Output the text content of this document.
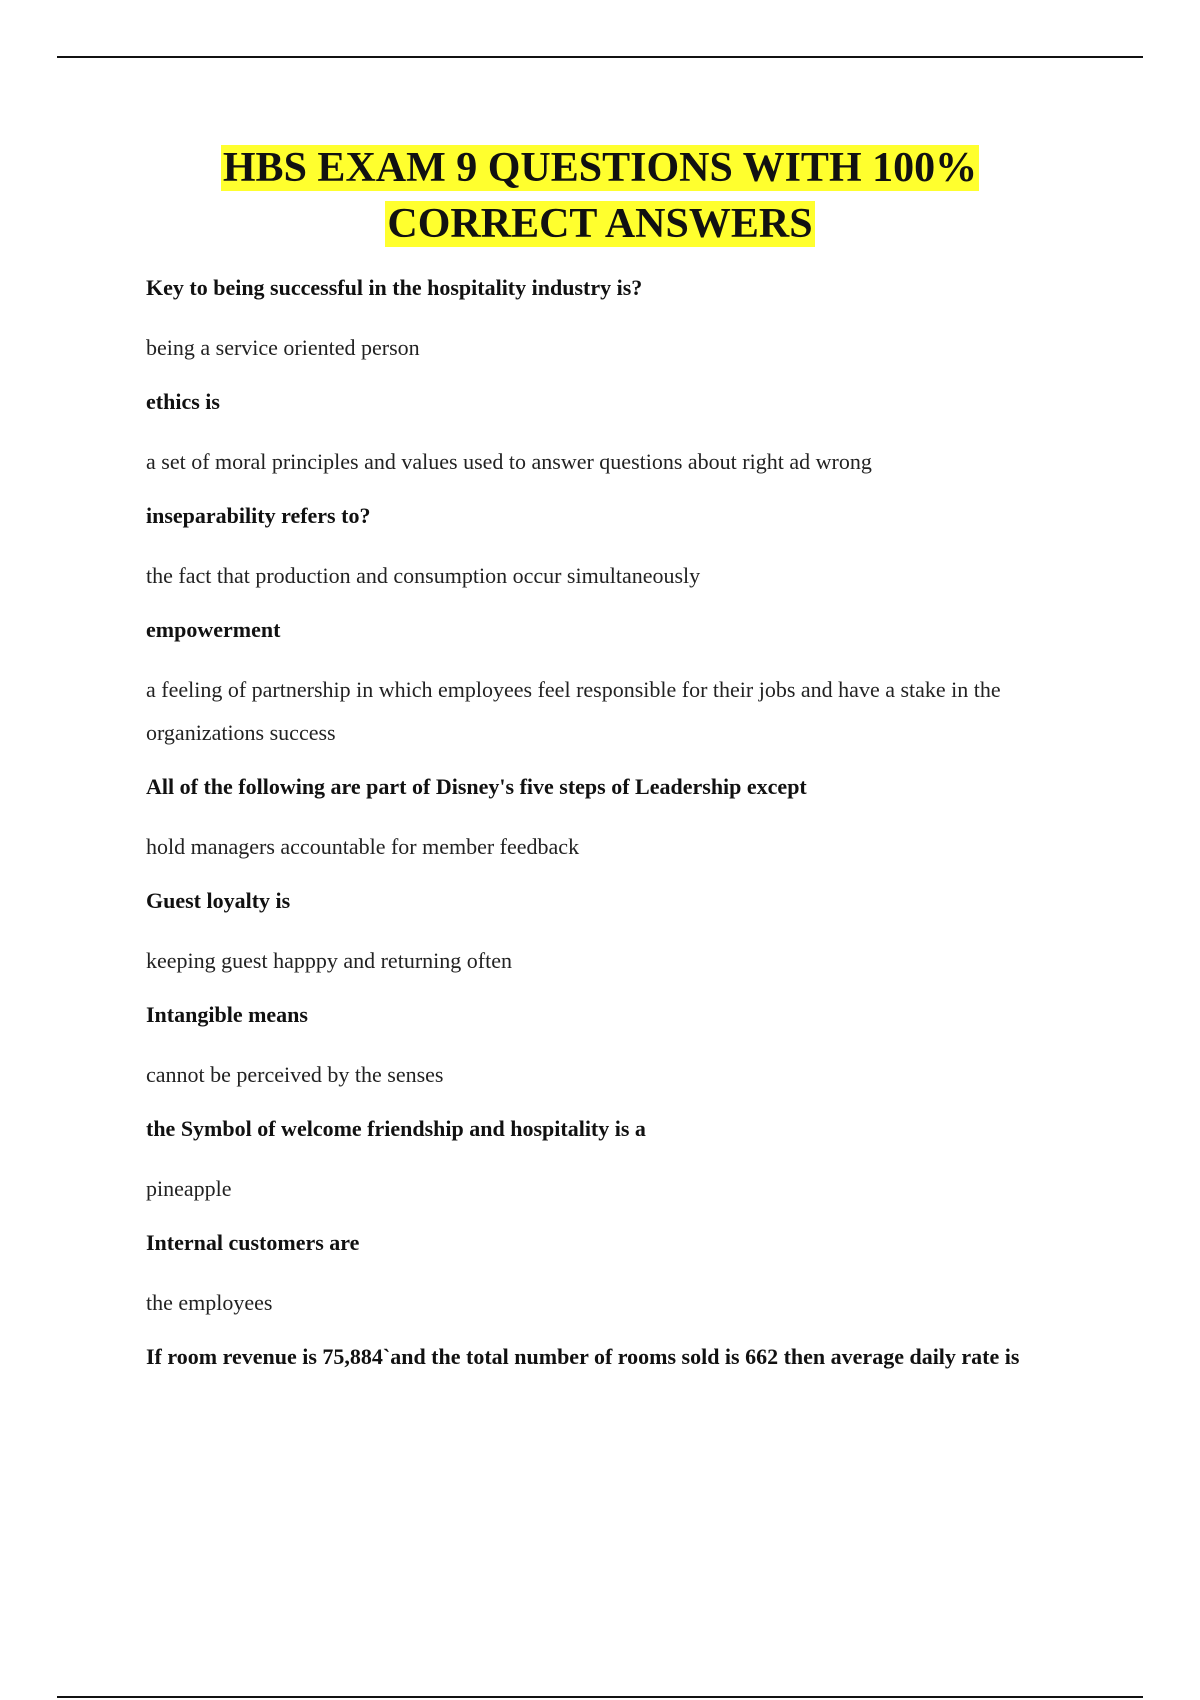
HBS EXAM 9 QUESTIONS WITH 100%
CORRECT ANSWERS
Key to being successful in the hospitality industry is?
being a service oriented person
ethics is
a set of moral principles and values used to answer questions about right ad wrong
inseparability refers to?
the fact that production and consumption occur simultaneously
empowerment
a feeling of partnership in which employees feel responsible for their jobs and have a stake in the organizations success
All of the following are part of Disney's five steps of Leadership except
hold managers accountable for member feedback
Guest loyalty is
keeping guest happpy and returning often
Intangible means
cannot be perceived by the senses
the Symbol of welcome friendship and hospitality is a
pineapple
Internal customers are
the employees
If room revenue is 75,884`and the total number of rooms sold is 662 then average daily rate is
